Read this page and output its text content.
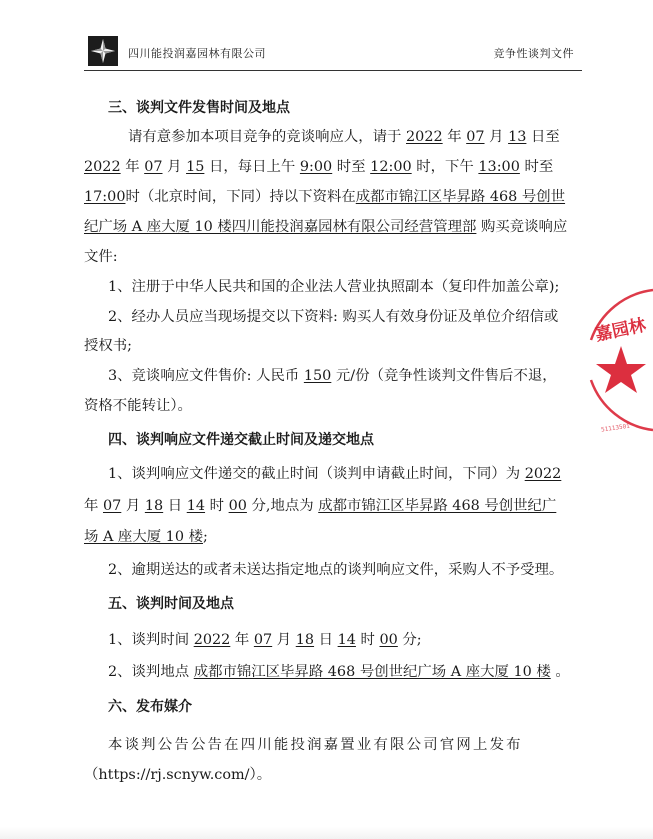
四川能投润嘉园林有限公司	竞争性谈判文件
三、谈判文件发售时间及地点
请有意参加本项目竞争的竞谈响应人，请于 2022 年 07 月 13 日至
2022 年 07 月 15 日，每日上午 9:00 时至 12:00 时，下午 13:00 时至
17:00时（北京时间，下同）持以下资料在成都市锦江区毕昇路 468 号创世
纪广场 A 座大厦 10 楼四川能投润嘉园林有限公司经营管理部 购买竞谈响应
文件:
1、注册于中华人民共和国的企业法人营业执照副本（复印件加盖公章);
2、经办人员应当现场提交以下资料: 购买人有效身份证及单位介绍信或
授权书;
3、竞谈响应文件售价: 人民币 150 元/份（竞争性谈判文件售后不退，
资格不能转让）。
四、谈判响应文件递交截止时间及递交地点
1、谈判响应文件递交的截止时间（谈判申请截止时间，下同）为 2022
年 07 月 18 日 14 时 00 分,地点为 成都市锦江区毕昇路 468 号创世纪广
场 A 座大厦 10 楼;
2、逾期送达的或者未送达指定地点的谈判响应文件，采购人不予受理。
五、谈判时间及地点
1、谈判时间 2022 年 07 月 18 日 14 时 00 分;
2、谈判地点 成都市锦江区毕昇路 468 号创世纪广场 A 座大厦 10 楼 。
六、发布媒介
本谈判公告公告在四川能投润嘉置业有限公司官网上发布
（https://rj.scnyw.com/）。
嘉园林
51113501
